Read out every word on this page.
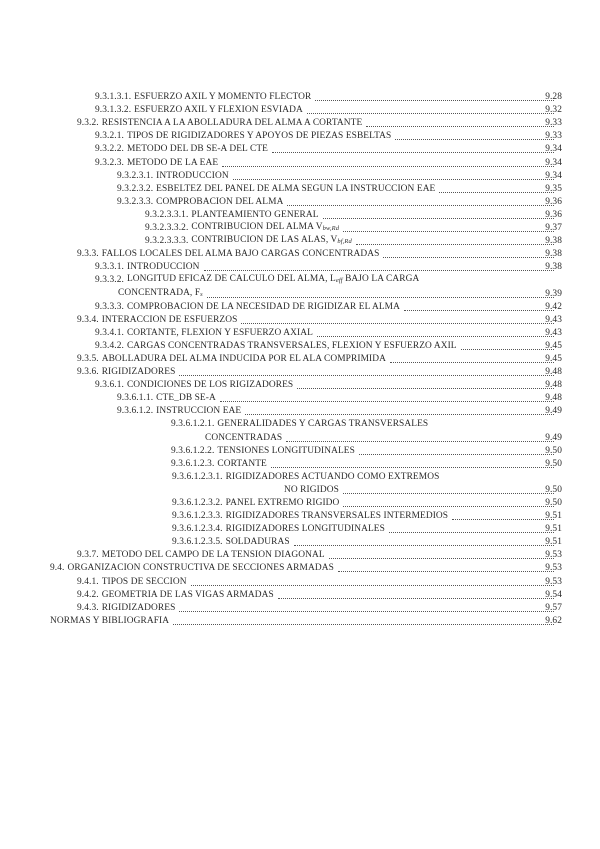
9.3.1.3.1. ESFUERZO AXIL Y MOMENTO FLECTOR	9.28
9.3.1.3.2. ESFUERZO AXIL Y FLEXIÓN ESVIADA	9.32
9.3.2. RESISTENCIA A LA ABOLLADURA DEL ALMA A CORTANTE	9.33
9.3.2.1. TIPOS DE RIGIDIZADORES Y APOYOS DE PIEZAS ESBELTAS	9.33
9.3.2.2. MÉTODO DEL DB SE-A DEL CTE	9.34
9.3.2.3. MÉTODO DE LA EAE	9.34
9.3.2.3.1. INTRODUCCIÓN	9.34
9.3.2.3.2. ESBELTEZ DEL PANEL DE ALMA SEGÚN LA INSTRUCCIÓN EAE	9.35
9.3.2.3.3. COMPROBACIÓN DEL ALMA	9.36
9.3.2.3.3.1. PLANTEAMIENTO GENERAL	9.36
9.3.2.3.3.2. CONTRIBUCIÓN DEL ALMA $V_{bw,Rd}$	9.37
9.3.2.3.3.3. CONTRIBUCIÓN DE LAS ALAS, $V_{bf,Rd}$	9.38
9.3.3. FALLOS LOCALES DEL ALMA BAJO CARGAS CONCENTRADAS	9.38
9.3.3.1. INTRODUCCIÓN	9.38
9.3.3.2. LONGITUD EFICAZ DE CÁLCULO DEL ALMA, $L_{eff}$ BAJO LA CARGA
CONCENTRADA, $F_s$	9.39
9.3.3.3. COMPROBACIÓN DE LA NECESIDAD DE RIGIDIZAR EL ALMA	9.42
9.3.4. INTERACCIÓN DE ESFUERZOS	9.43
9.3.4.1. CORTANTE, FLEXIÓN Y ESFUERZO AXIAL	9.43
9.3.4.2. CARGAS CONCENTRADAS TRANSVERSALES, FLEXIÓN Y ESFUERZO AXIL	9.45
9.3.5. ABOLLADURA DEL ALMA INDUCIDA POR EL ALA COMPRIMIDA	9.45
9.3.6. RIGIDIZADORES	9.48
9.3.6.1. CONDICIONES DE LOS RIGIZADORES	9.48
9.3.6.1.1. CTE_DB SE-A	9.48
9.3.6.1.2. INSTRUCCIÓN EAE	9.49
9.3.6.1.2.1. GENERALIDADES Y CARGAS TRANSVERSALES
CONCENTRADAS	9.49
9.3.6.1.2.2. TENSIONES LONGITUDINALES	9.50
9.3.6.1.2.3. CORTANTE	9.50
9.3.6.1.2.3.1. RIGIDIZADORES ACTUANDO COMO EXTREMOS
NO RÍGIDOS	9.50
9.3.6.1.2.3.2. PANEL EXTREMO RÍGIDO	9.50
9.3.6.1.2.3.3. RIGIDIZADORES TRANSVERSALES INTERMEDIOS	9.51
9.3.6.1.2.3.4. RIGIDIZADORES LONGITUDINALES	9.51
9.3.6.1.2.3.5. SOLDADURAS	9.51
9.3.7. MÉTODO DEL CAMPO DE LA TENSIÓN DIAGONAL	9.53
9.4. ORGANIZACIÓN CONSTRUCTIVA DE SECCIONES ARMADAS	9.53
9.4.1. TIPOS DE SECCIÓN	9.53
9.4.2. GEOMETRÍA DE LAS VIGAS ARMADAS	9.54
9.4.3. RIGIDIZADORES	9.57
NORMAS Y BIBLIOGRAFÍA	9.62
